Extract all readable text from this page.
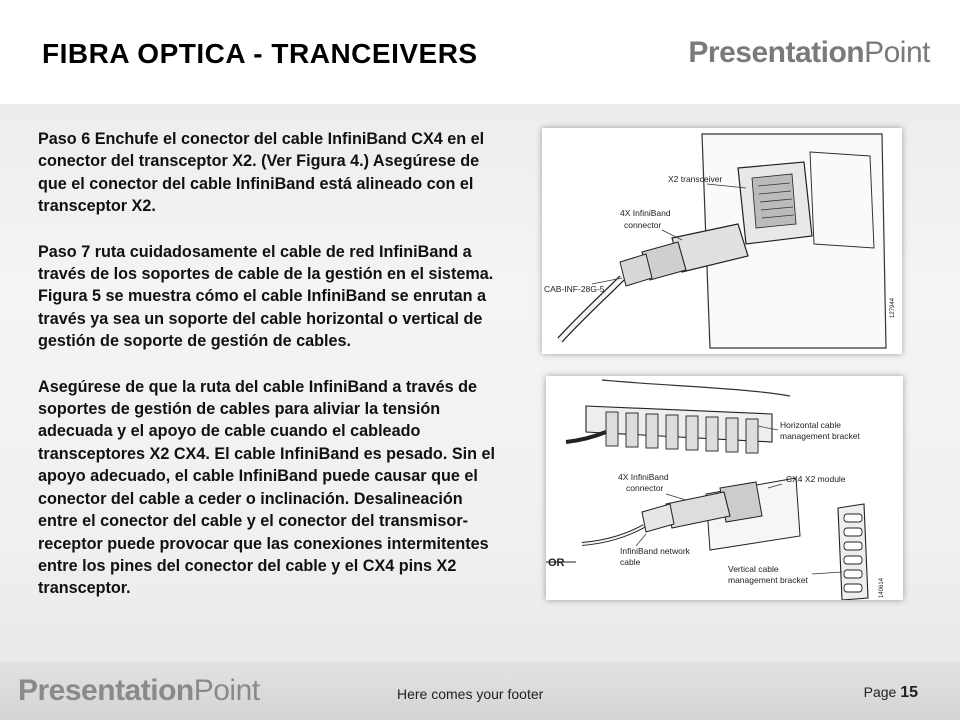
FIBRA OPTICA - TRANCEIVERS	PresentationPoint

Paso 6 Enchufe el conector del cable InfiniBand CX4 en el conector del transceptor X2. (Ver Figura 4.) Asegúrese de que el conector del cable InfiniBand está alineado con el transceptor X2.

Paso 7 ruta cuidadosamente el cable de red InfiniBand a través de los soportes de cable de la gestión en el sistema. Figura 5 se muestra cómo el cable InfiniBand se enrutan a través ya sea un soporte del cable horizontal o vertical de gestión de soporte de gestión de cables.

Asegúrese de que la ruta del cable InfiniBand a través de soportes de gestión de cables para aliviar la tensión adecuada y el apoyo de cable cuando el cableado transceptores X2 CX4. El cable InfiniBand es pesado. Sin el apoyo adecuado, el cable InfiniBand puede causar que el conector del cable a ceder o inclinación. Desalineación entre el conector del cable y el conector del transmisor-receptor puede provocar que las conexiones intermitentes entre los pines del conector del cable y el CX4 pins X2 transceptor.

X2 transceiver
4X InfiniBand
connector
CAB-INF-28G-5
127944
Horizontal cable
management bracket
CX4 X2 module
4X InfiniBand
connector
InfiniBand network
cable
Vertical cable
management bracket
OR
140614
PresentationPoint	Here comes your footer	Page 15
